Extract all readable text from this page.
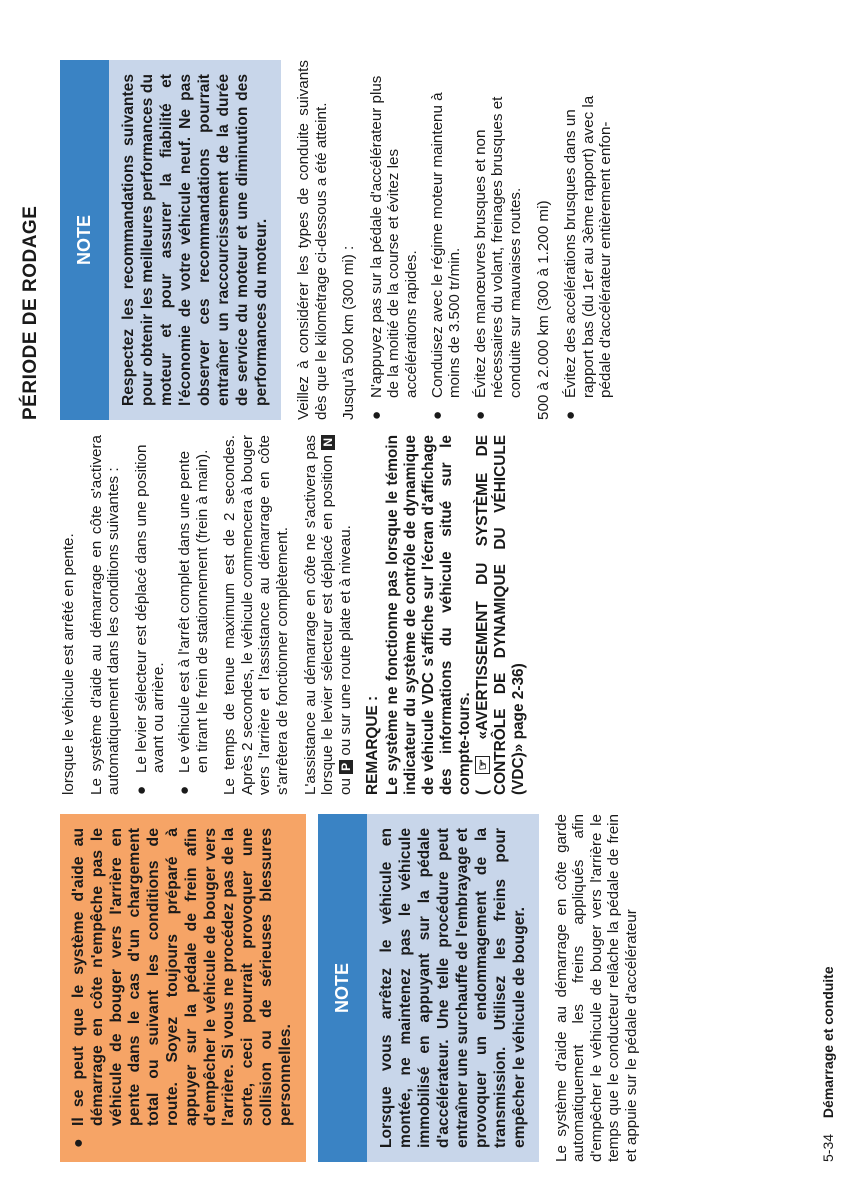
PÉRIODE DE RODAGE
●
Il se peut que le système d'aide au démarrage en côte n'empêche pas le véhicule de bouger vers l'arrière en pente dans le cas d'un chargement total ou suivant les conditions de route. Soyez toujours préparé à appuyer sur la pédale de frein afin d'empêcher le véhicule de bouger vers l'arrière. Si vous ne procédez pas de la sorte, ceci pourrait provoquer une collision ou de sérieuses blessures personnelles.
NOTE	Lorsque vous arrêtez le véhicule en montée, ne maintenez pas le véhicule immobilisé en appuyant sur la pédale d'accélérateur. Une telle procédure peut entraîner une surchauffe de l'embrayage et provoquer un endommagement de la transmission. Utilisez les freins pour empêcher le véhicule de bouger.	Le système d'aide au démarrage en côte garde automatiquement les freins appliqués afin d'empêcher le véhicule de bouger vers l'arrière le temps que le conducteur relâche la pédale de frein et appuie sur le pédale d'accélérateur

lorsque le véhicule est arrêté en pente. Le système d'aide au démarrage en côte s'activera automatiquement dans les conditions suivantes : ●
Le levier sélecteur est déplacé dans une position avant ou arrière.
●
Le véhicule est à l'arrêt complet dans une pente en tirant le frein de stationnement (frein à main). Le temps de tenue maximum est de 2 secondes. Après 2 secondes, le véhicule commencera à bouger vers l'arrière et l'assistance au démarrage en côte s'arrêtera de fonctionner complètement. L'assistance au démarrage en côte ne s'activera pas lorsque le levier sélecteur est déplacé en position N ou P ou sur une route plate et à niveau. REMARQUE : Le système ne fonctionne pas lorsque le témoin indicateur du système de contrôle de dynamique de véhicule VDC s'affiche sur l'écran d'affichage des informations du véhicule situé sur le compte-tours. ( ☞ «AVERTISSEMENT DU SYSTÈME DE CONTRÔLE DE DYNAMIQUE DU VÉHICULE (VDC)» page 2-36)

NOTE	Respectez les recommandations suivantes pour obtenir les meilleures performances du moteur et pour assurer la fiabilité et l'économie de votre véhicule neuf. Ne pas observer ces recommandations pourrait entraîner un raccourcissement de la durée de service du moteur et une diminution des performances du moteur.	Veillez à considérer les types de conduite suivants dès que le kilométrage ci-dessous a été atteint. Jusqu'à 500 km (300 mi) : ●
N'appuyez pas sur la pédale d'accélérateur plus de la moitié de la course et évitez les accélérations rapides.
●
Conduisez avec le régime moteur maintenu à moins de 3.500 tr/min.
●
Évitez des manœuvres brusques et non nécessaires du volant, freinages brusques et conduite sur mauvaises routes. 500 à 2.000 km (300 à 1.200 mi) ●
Évitez des accélérations brusques dans un rapport bas (du 1er au 3ème rapport) avec la pédale d'accélérateur entièrement enfon-
5-34 Démarrage et conduite
